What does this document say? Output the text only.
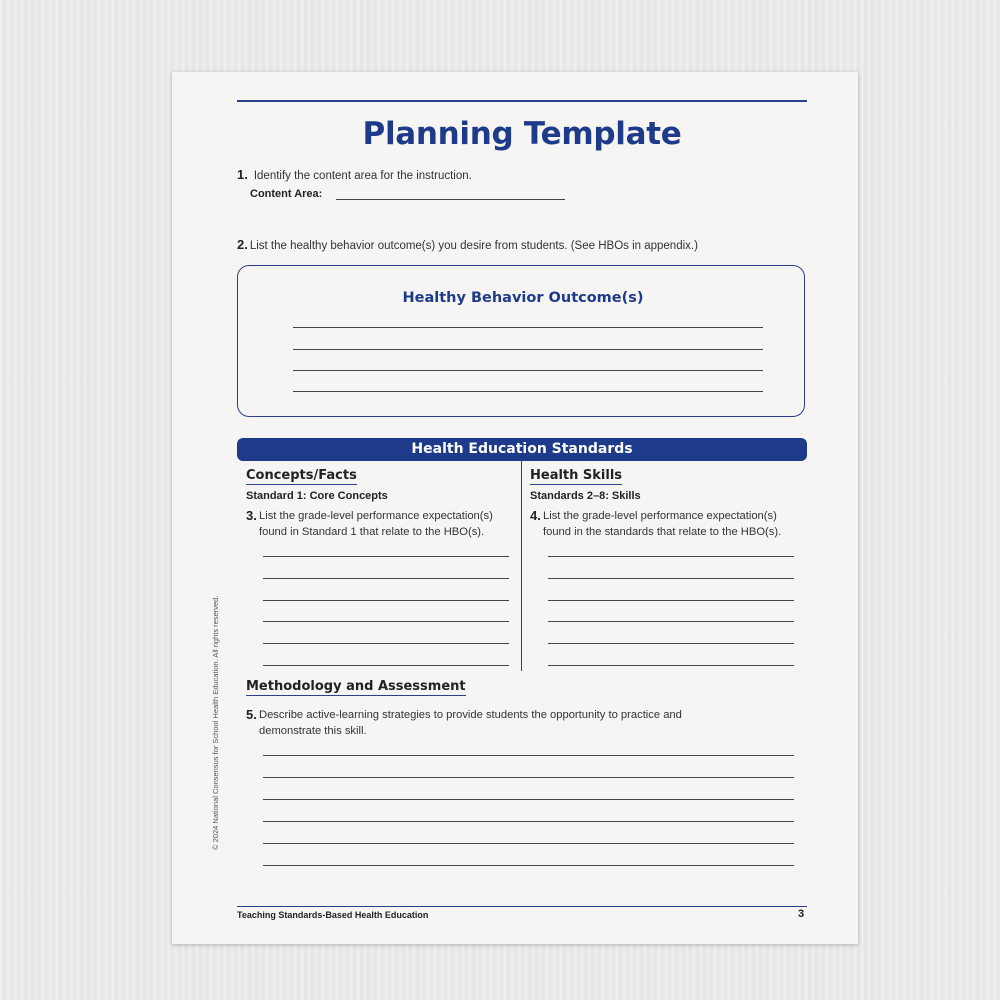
Planning Template
1. Identify the content area for the instruction.
Content Area:
2. List the healthy behavior outcome(s) you desire from students. (See HBOs in appendix.)
Healthy Behavior Outcome(s)
Health Education Standards
Concepts/Facts
Standard 1: Core Concepts
3. List the grade-level performance expectation(s)
found in Standard 1 that relate to the HBO(s).
Health Skills
Standards 2–8: Skills
4. List the grade-level performance expectation(s)
found in the standards that relate to the HBO(s).
Methodology and Assessment
5. Describe active-learning strategies to provide students the opportunity to practice and
demonstrate this skill.
© 2024 National Consensus for School Health Education. All rights reserved.
Teaching Standards-Based Health Education	3
